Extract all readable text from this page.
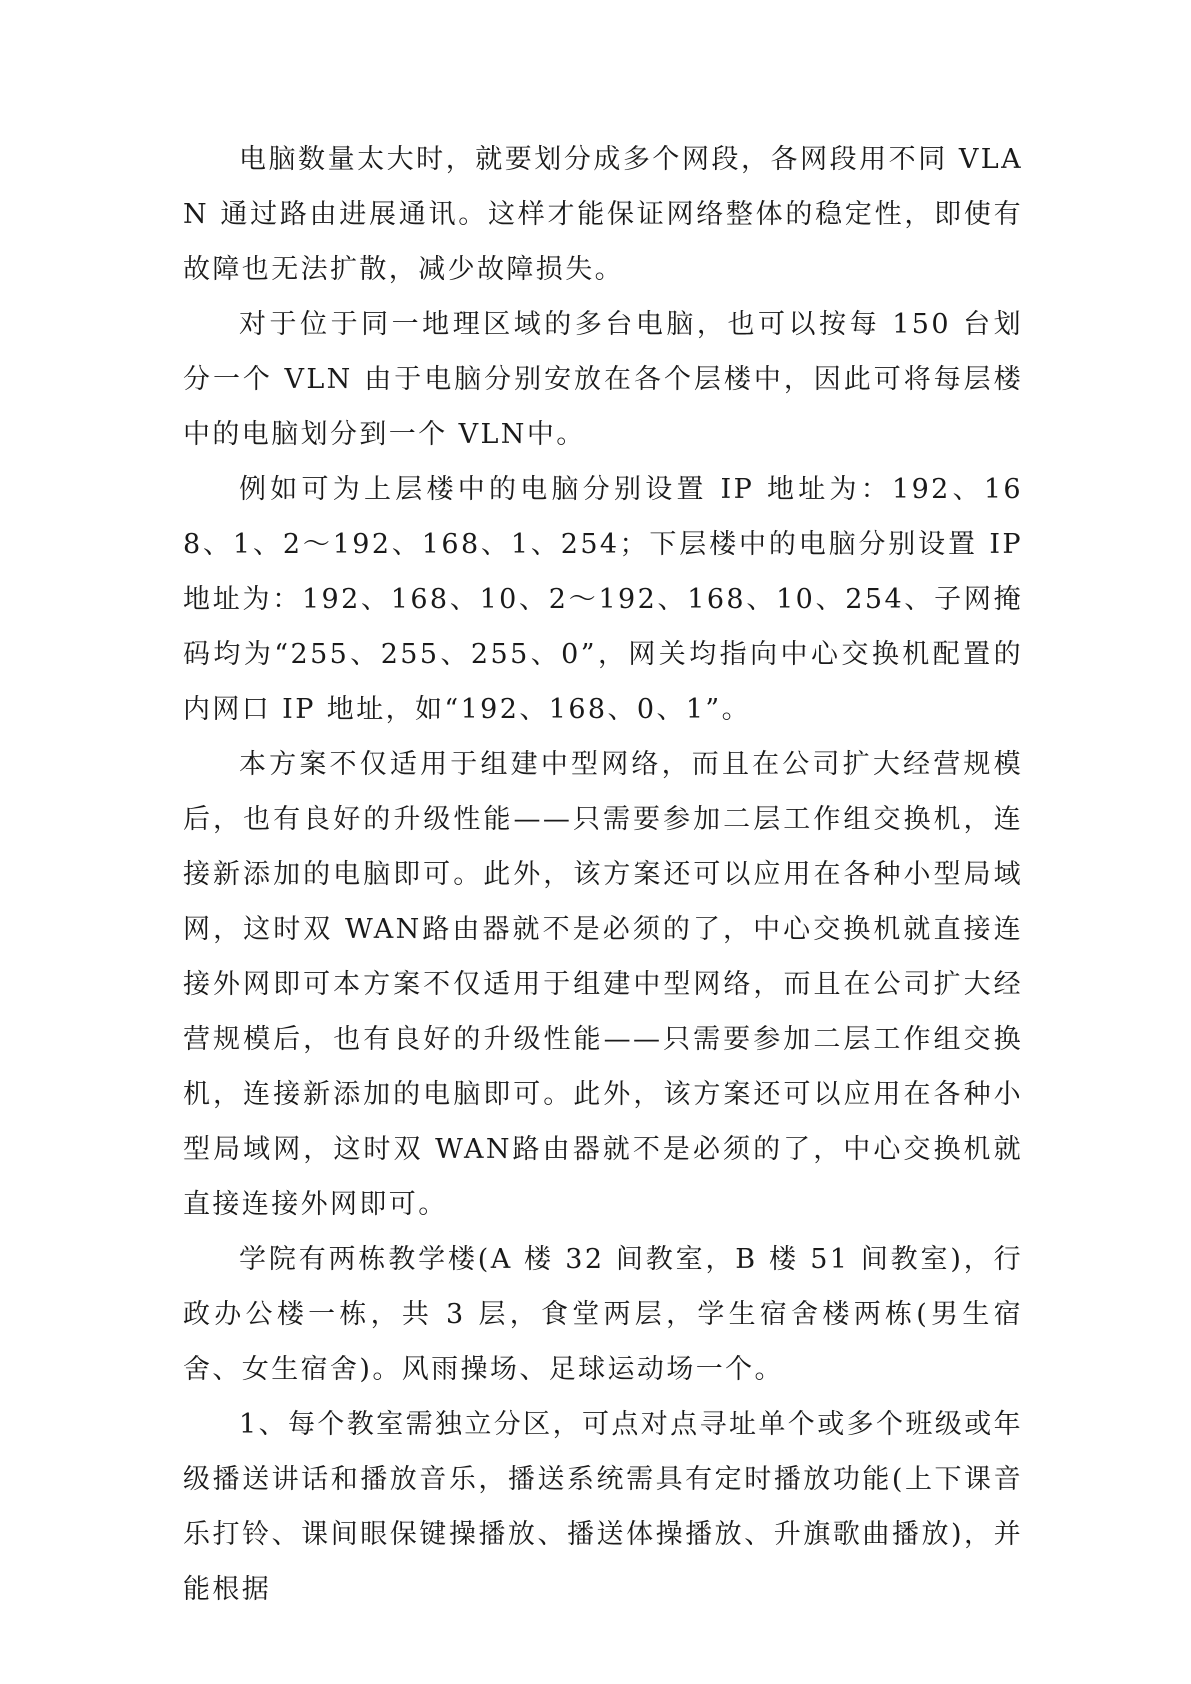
电脑数量太大时，就要划分成多个网段，各网段用不同 VLAN 通过路由进展通讯。这样才能保证网络整体的稳定性，即使有故障也无法扩散，减少故障损失。

对于位于同一地理区域的多台电脑，也可以按每 150 台划分一个 VLN 由于电脑分别安放在各个层楼中，因此可将每层楼中的电脑划分到一个 VLN中。

例如可为上层楼中的电脑分别设置 IP 地址为：192、168、1、2～192、168、1、254；下层楼中的电脑分别设置 IP 地址为：192、168、10、2～192、168、10、254、子网掩码均为“255、255、255、0”，网关均指向中心交换机配置的内网口 IP 地址，如“192、168、0、1”。

本方案不仅适用于组建中型网络，而且在公司扩大经营规模后，也有良好的升级性能——只需要参加二层工作组交换机，连接新添加的电脑即可。此外，该方案还可以应用在各种小型局域网，这时双 WAN路由器就不是必须的了，中心交换机就直接连接外网即可本方案不仅适用于组建中型网络，而且在公司扩大经营规模后，也有良好的升级性能——只需要参加二层工作组交换机，连接新添加的电脑即可。此外，该方案还可以应用在各种小型局域网，这时双 WAN路由器就不是必须的了，中心交换机就直接连接外网即可。

学院有两栋教学楼(A 楼 32 间教室，B 楼 51 间教室)，行政办公楼一栋，共 3 层，食堂两层，学生宿舍楼两栋(男生宿舍、女生宿舍)。风雨操场、足球运动场一个。

1、每个教室需独立分区，可点对点寻址单个或多个班级或年级播送讲话和播放音乐，播送系统需具有定时播放功能(上下课音乐打铃、课间眼保键操播放、播送体操播放、升旗歌曲播放)，并能根据
